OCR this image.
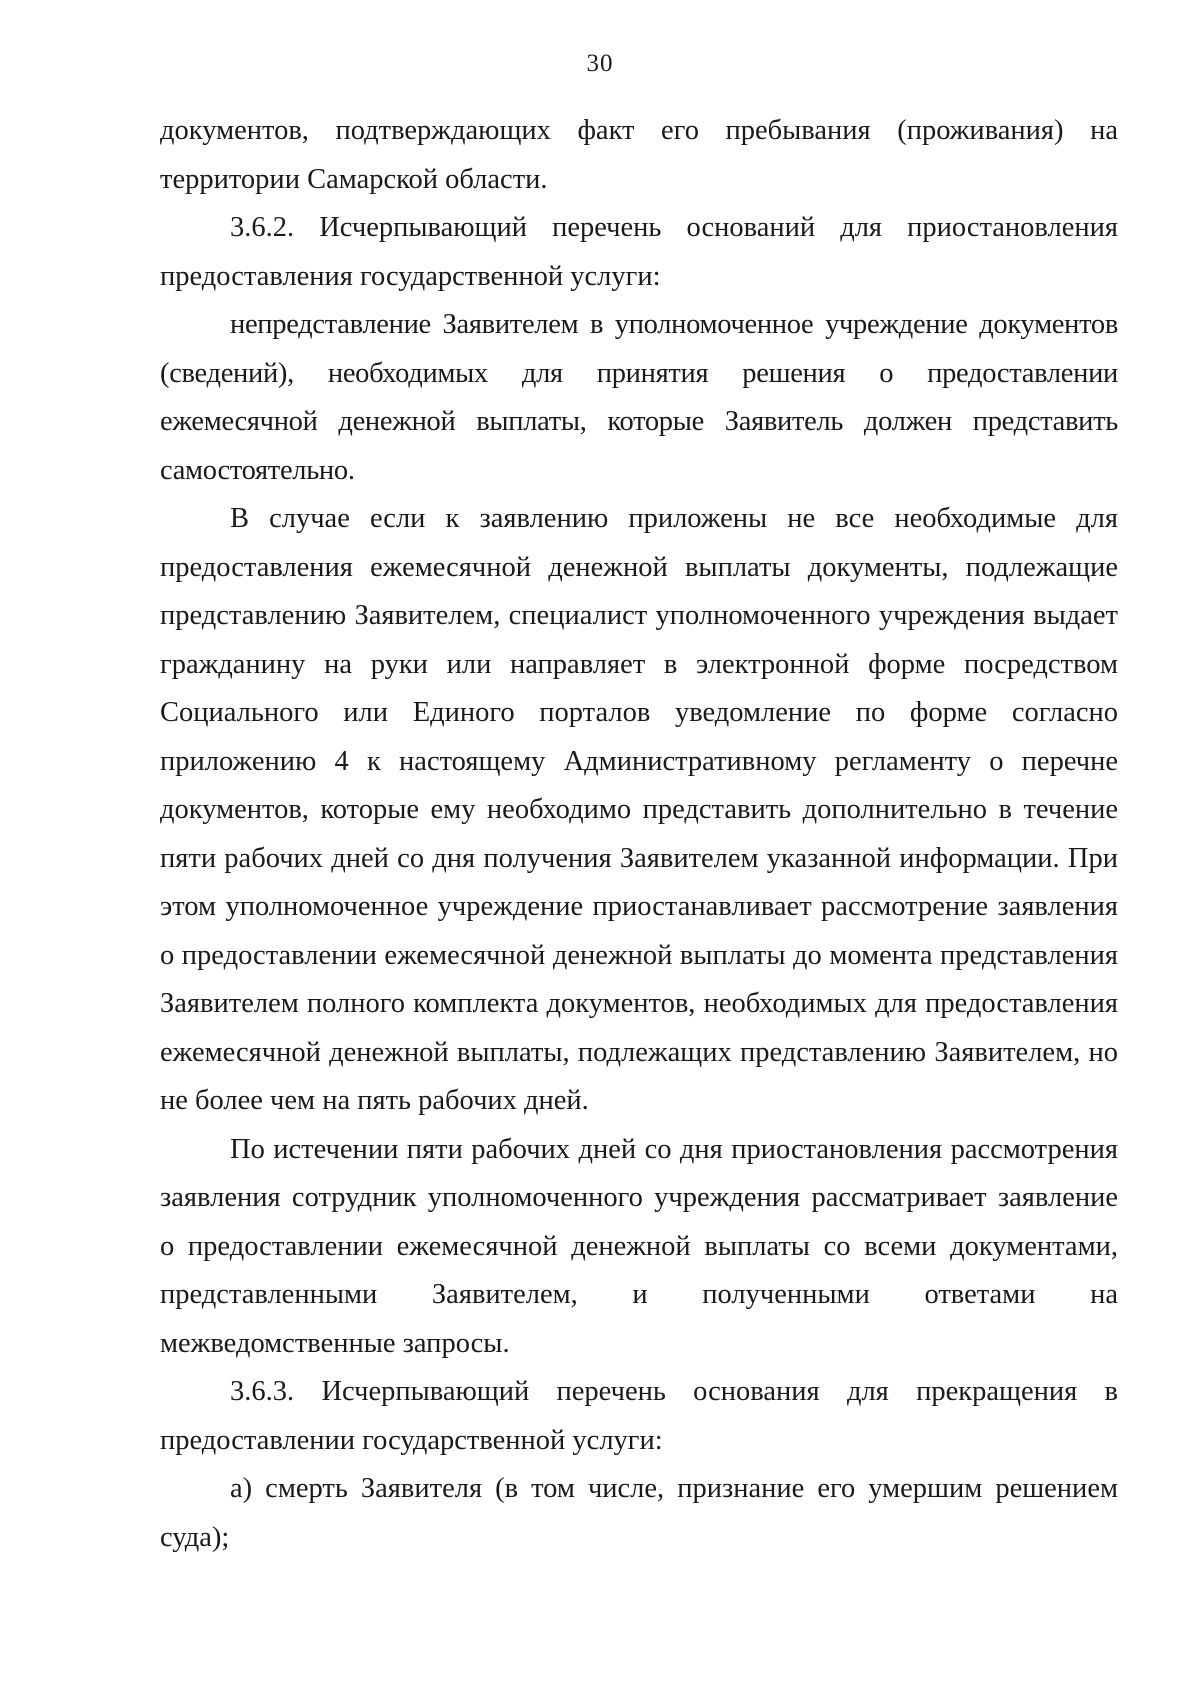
30

документов, подтверждающих факт его пребывания (проживания) на территории Самарской области.

3.6.2. Исчерпывающий перечень оснований для приостановления предоставления государственной услуги:

непредставление Заявителем в уполномоченное учреждение документов (сведений), необходимых для принятия решения о предоставлении ежемесячной денежной выплаты, которые Заявитель должен представить самостоятельно.

В случае если к заявлению приложены не все необходимые для предоставления ежемесячной денежной выплаты документы, подлежащие представлению Заявителем, специалист уполномоченного учреждения выдает гражданину на руки или направляет в электронной форме посредством Социального или Единого порталов уведомление по форме согласно приложению 4 к настоящему Административному регламенту о перечне документов, которые ему необходимо представить дополнительно в течение пяти рабочих дней со дня получения Заявителем указанной информации. При этом уполномоченное учреждение приостанавливает рассмотрение заявления о предоставлении ежемесячной денежной выплаты до момента представления Заявителем полного комплекта документов, необходимых для предоставления ежемесячной денежной выплаты, подлежащих представлению Заявителем, но не более чем на пять рабочих дней.

По истечении пяти рабочих дней со дня приостановления рассмотрения заявления сотрудник уполномоченного учреждения рассматривает заявление о предоставлении ежемесячной денежной выплаты со всеми документами, представленными Заявителем, и полученными ответами на межведомственные запросы.

3.6.3. Исчерпывающий перечень основания для прекращения в предоставлении государственной услуги:

а) смерть Заявителя (в том числе, признание его умершим решением суда);
